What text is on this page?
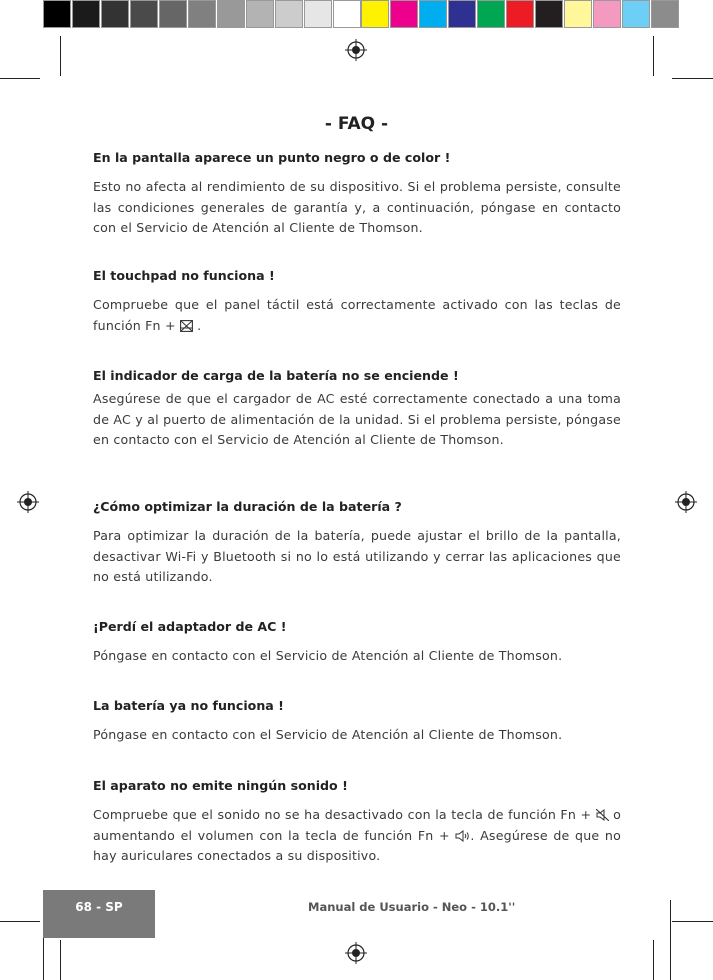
- FAQ -

En la pantalla aparece un punto negro o de color !

Esto no afecta al rendimiento de su dispositivo. Si el problema persiste, consulte las condiciones generales de garantía y, a continuación, póngase en contacto con el Servicio de Atención al Cliente de Thomson.

El touchpad no funciona !

Compruebe que el panel táctil está correctamente activado con las teclas de función Fn +  .

El indicador de carga de la batería no se enciende !

Asegúrese de que el cargador de AC esté correctamente conectado a una toma de AC y al puerto de alimentación de la unidad. Si el problema persiste, póngase en contacto con el Servicio de Atención al Cliente de Thomson.

¿Cómo optimizar la duración de la batería ?

Para optimizar la duración de la batería, puede ajustar el brillo de la pantalla, desactivar Wi-Fi y Bluetooth si no lo está utilizando y cerrar las aplicaciones que no está utilizando.

¡Perdí el adaptador de AC !

Póngase en contacto con el Servicio de Atención al Cliente de Thomson.

La batería ya no funciona !

Póngase en contacto con el Servicio de Atención al Cliente de Thomson.

El aparato no emite ningún sonido !

Compruebe que el sonido no se ha desactivado con la tecla de función Fn +  o aumentando el volumen con la tecla de función Fn + . Asegúrese de que no hay auriculares conectados a su dispositivo.

68 - SP	Manual de Usuario - Neo - 10.1''
